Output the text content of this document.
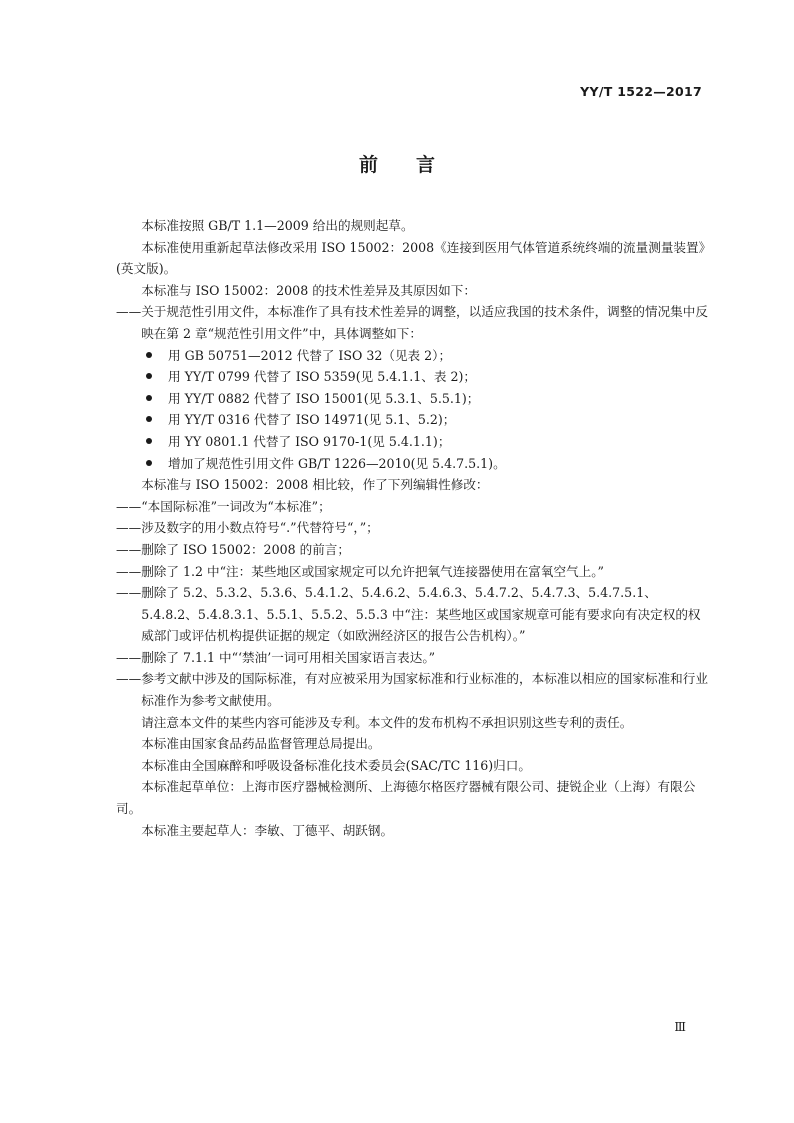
YY/T 1522—2017
前言

本标准按照 GB/T 1.1—2009 给出的规则起草。

本标准使用重新起草法修改采用 ISO 15002：2008《连接到医用气体管道系统终端的流量测量装置》(英文版)。

本标准与 ISO 15002：2008 的技术性差异及其原因如下：

—— 关于规范性引用文件，本标准作了具有技术性差异的调整，以适应我国的技术条件，调整的情况集中反映在第 2 章“规范性引用文件”中，具体调整如下：

用 GB 50751—2012 代替了 ISO 32（见表 2）；

用 YY/T 0799 代替了 ISO 5359(见 5.4.1.1、表 2)；

用 YY/T 0882 代替了 ISO 15001(见 5.3.1、5.5.1)；

用 YY/T 0316 代替了 ISO 14971(见 5.1、5.2)；

用 YY 0801.1 代替了 ISO 9170-1(见 5.4.1.1)；

增加了规范性引用文件 GB/T 1226—2010(见 5.4.7.5.1)。

本标准与 ISO 15002：2008 相比较，作了下列编辑性修改：

—— “本国际标准”一词改为“本标准”；

—— 涉及数字的用小数点符号“.”代替符号“，”；

—— 删除了 ISO 15002：2008 的前言；

—— 删除了 1.2 中“注：某些地区或国家规定可以允许把氧气连接器使用在富氧空气上。”

—— 删除了 5.2、5.3.2、5.3.6、5.4.1.2、5.4.6.2、5.4.6.3、5.4.7.2、5.4.7.3、5.4.7.5.1、5.4.8.2、5.4.8.3.1、5.5.1、5.5.2、5.5.3 中“注：某些地区或国家规章可能有要求向有决定权的权威部门或评估机构提供证据的规定（如欧洲经济区的报告公告机构）。”

—— 删除了 7.1.1 中“‘禁油’一词可用相关国家语言表达。”

—— 参考文献中涉及的国际标准，有对应被采用为国家标准和行业标准的，本标准以相应的国家标准和行业标准作为参考文献使用。

请注意本文件的某些内容可能涉及专利。本文件的发布机构不承担识别这些专利的责任。

本标准由国家食品药品监督管理总局提出。

本标准由全国麻醉和呼吸设备标准化技术委员会(SAC/TC 116)归口。

本标准起草单位：上海市医疗器械检测所、上海德尔格医疗器械有限公司、捷锐企业（上海）有限公司。

本标准主要起草人：李敏、丁德平、胡跃钢。

Ⅲ
